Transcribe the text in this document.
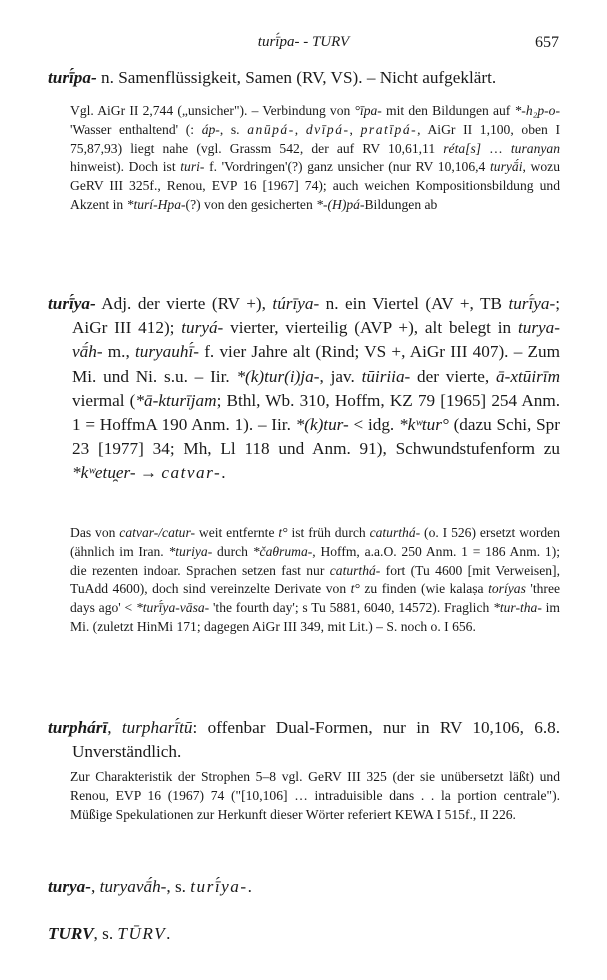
turī́pa- - TURV	657

turī́pa- n. Samenflüssigkeit, Samen (RV, VS). – Nicht aufgeklärt.

Vgl. AiGr II 2,744 („unsicher"). – Verbindung von °īpa- mit den Bildungen auf *-h₂p-o- 'Wasser enthaltend' (: áp-, s. anūpá-, dvīpá-, pratīpá-, AiGr II 1,100, oben I 75,87,93) liegt nahe (vgl. Grassm 542, der auf RV 10,61,11 réta[s] … turanyan hinweist). Doch ist turi- f. 'Vordringen'(?) ganz unsicher (nur RV 10,106,4 turyā́i, wozu GeRV III 325f., Renou, EVP 16 [1967] 74); auch weichen Kompositionsbildung und Akzent in *turí-Hpa-(?) von den gesicherten *-(H)pá-Bildungen ab

turī́ya- Adj. der vierte (RV +), túrīya- n. ein Viertel (AV +, TB turī́ya-; AiGr III 412); turyá- vierter, vierteilig (AVP +), alt belegt in turya-vā́h- m., turyauhī́- f. vier Jahre alt (Rind; VS +, AiGr III 407). – Zum Mi. und Ni. s.u. – Iir. *(k)tur(i)ja-, jav. tūiriia- der vierte, ā-xtūirīm viermal (*ā-kturījam; Bthl, Wb. 310, Hoffm, KZ 79 [1965] 254 Anm. 1 = HoffmA 190 Anm. 1). – Iir. *(k)tur- < idg. *kʷtur° (dazu Schi, Spr 23 [1977] 34; Mh, Ll 118 und Anm. 91), Schwundstufenform zu *kʷetu̯er- → catvar-.

Das von catvar-/catur- weit entfernte t° ist früh durch caturthá- (o. I 526) ersetzt worden (ähnlich im Iran. *turiya- durch *čaθruma-, Hoffm, a.a.O. 250 Anm. 1 = 186 Anm. 1); die rezenten indoar. Sprachen setzen fast nur caturthá- fort (Tu 4600 [mit Verweisen], TuAdd 4600), doch sind vereinzelte Derivate von t° zu finden (wie kalaṣa toríyas 'three days ago' < *turī́ya-vāsa- 'the fourth day'; s Tu 5881, 6040, 14572). Fraglich *tur-tha- im Mi. (zuletzt HinMi 171; dagegen AiGr III 349, mit Lit.) – S. noch o. I 656.

turphárī, turpharī́tū: offenbar Dual-Formen, nur in RV 10,106, 6.8. Unverständlich.

Zur Charakteristik der Strophen 5–8 vgl. GeRV III 325 (der sie unübersetzt läßt) und Renou, EVP 16 (1967) 74 ("[10,106] … intraduisible dans . . la portion centrale"). Müßige Spekulationen zur Herkunft dieser Wörter referiert KEWA I 515f., II 226.

turya-, turyavā́h-, s. turī́ya-.

TURV, s. TŪRV.
